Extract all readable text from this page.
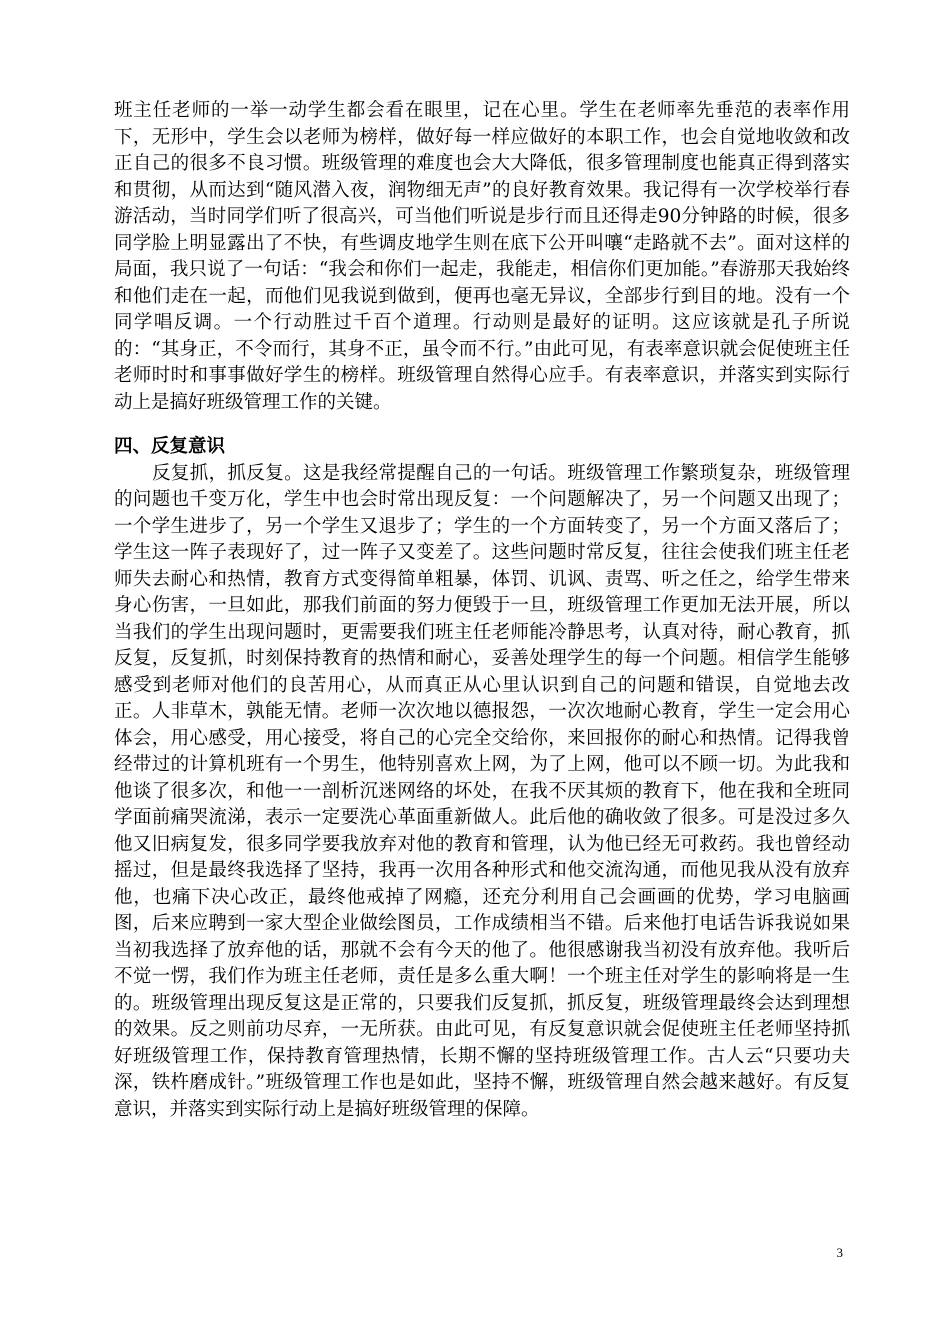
班主任老师的一举一动学生都会看在眼里，记在心里。学生在老师率先垂范的表率作用下，无形中，学生会以老师为榜样，做好每一样应做好的本职工作，也会自觉地收敛和改正自己的很多不良习惯。班级管理的难度也会大大降低，很多管理制度也能真正得到落实和贯彻，从而达到“随风潜入夜，润物细无声”的良好教育效果。我记得有一次学校举行春游活动，当时同学们听了很高兴，可当他们听说是步行而且还得走90分钟路的时候，很多同学脸上明显露出了不快，有些调皮地学生则在底下公开叫嚷“走路就不去”。面对这样的局面，我只说了一句话：“我会和你们一起走，我能走，相信你们更加能。”春游那天我始终和他们走在一起，而他们见我说到做到，便再也毫无异议，全部步行到目的地。没有一个同学唱反调。一个行动胜过千百个道理。行动则是最好的证明。这应该就是孔子所说的：“其身正，不令而行，其身不正，虽令而不行。”由此可见，有表率意识就会促使班主任老师时时和事事做好学生的榜样。班级管理自然得心应手。有表率意识，并落实到实际行动上是搞好班级管理工作的关键。

四、反复意识

反复抓，抓反复。这是我经常提醒自己的一句话。班级管理工作繁琐复杂，班级管理的问题也千变万化，学生中也会时常出现反复：一个问题解决了，另一个问题又出现了；一个学生进步了，另一个学生又退步了；学生的一个方面转变了，另一个方面又落后了；学生这一阵子表现好了，过一阵子又变差了。这些问题时常反复，往往会使我们班主任老师失去耐心和热情，教育方式变得简单粗暴，体罚、讥讽、责骂、听之任之，给学生带来身心伤害，一旦如此，那我们前面的努力便毁于一旦，班级管理工作更加无法开展，所以当我们的学生出现问题时，更需要我们班主任老师能冷静思考，认真对待，耐心教育，抓反复，反复抓，时刻保持教育的热情和耐心，妥善处理学生的每一个问题。相信学生能够感受到老师对他们的良苦用心，从而真正从心里认识到自己的问题和错误，自觉地去改正。人非草木，孰能无情。老师一次次地以德报怨，一次次地耐心教育，学生一定会用心体会，用心感受，用心接受，将自己的心完全交给你，来回报你的耐心和热情。记得我曾经带过的计算机班有一个男生，他特别喜欢上网，为了上网，他可以不顾一切。为此我和他谈了很多次，和他一一剖析沉迷网络的坏处，在我不厌其烦的教育下，他在我和全班同学面前痛哭流涕，表示一定要洗心革面重新做人。此后他的确收敛了很多。可是没过多久他又旧病复发，很多同学要我放弃对他的教育和管理，认为他已经无可救药。我也曾经动摇过，但是最终我选择了坚持，我再一次用各种形式和他交流沟通，而他见我从没有放弃他，也痛下决心改正，最终他戒掉了网瘾，还充分利用自己会画画的优势，学习电脑画图，后来应聘到一家大型企业做绘图员，工作成绩相当不错。后来他打电话告诉我说如果当初我选择了放弃他的话，那就不会有今天的他了。他很感谢我当初没有放弃他。我听后不觉一愣，我们作为班主任老师，责任是多么重大啊！一个班主任对学生的影响将是一生的。班级管理出现反复这是正常的，只要我们反复抓，抓反复，班级管理最终会达到理想的效果。反之则前功尽弃，一无所获。由此可见，有反复意识就会促使班主任老师坚持抓好班级管理工作，保持教育管理热情，长期不懈的坚持班级管理工作。古人云“只要功夫深，铁杵磨成针。”班级管理工作也是如此，坚持不懈，班级管理自然会越来越好。有反复意识，并落实到实际行动上是搞好班级管理的保障。

3
